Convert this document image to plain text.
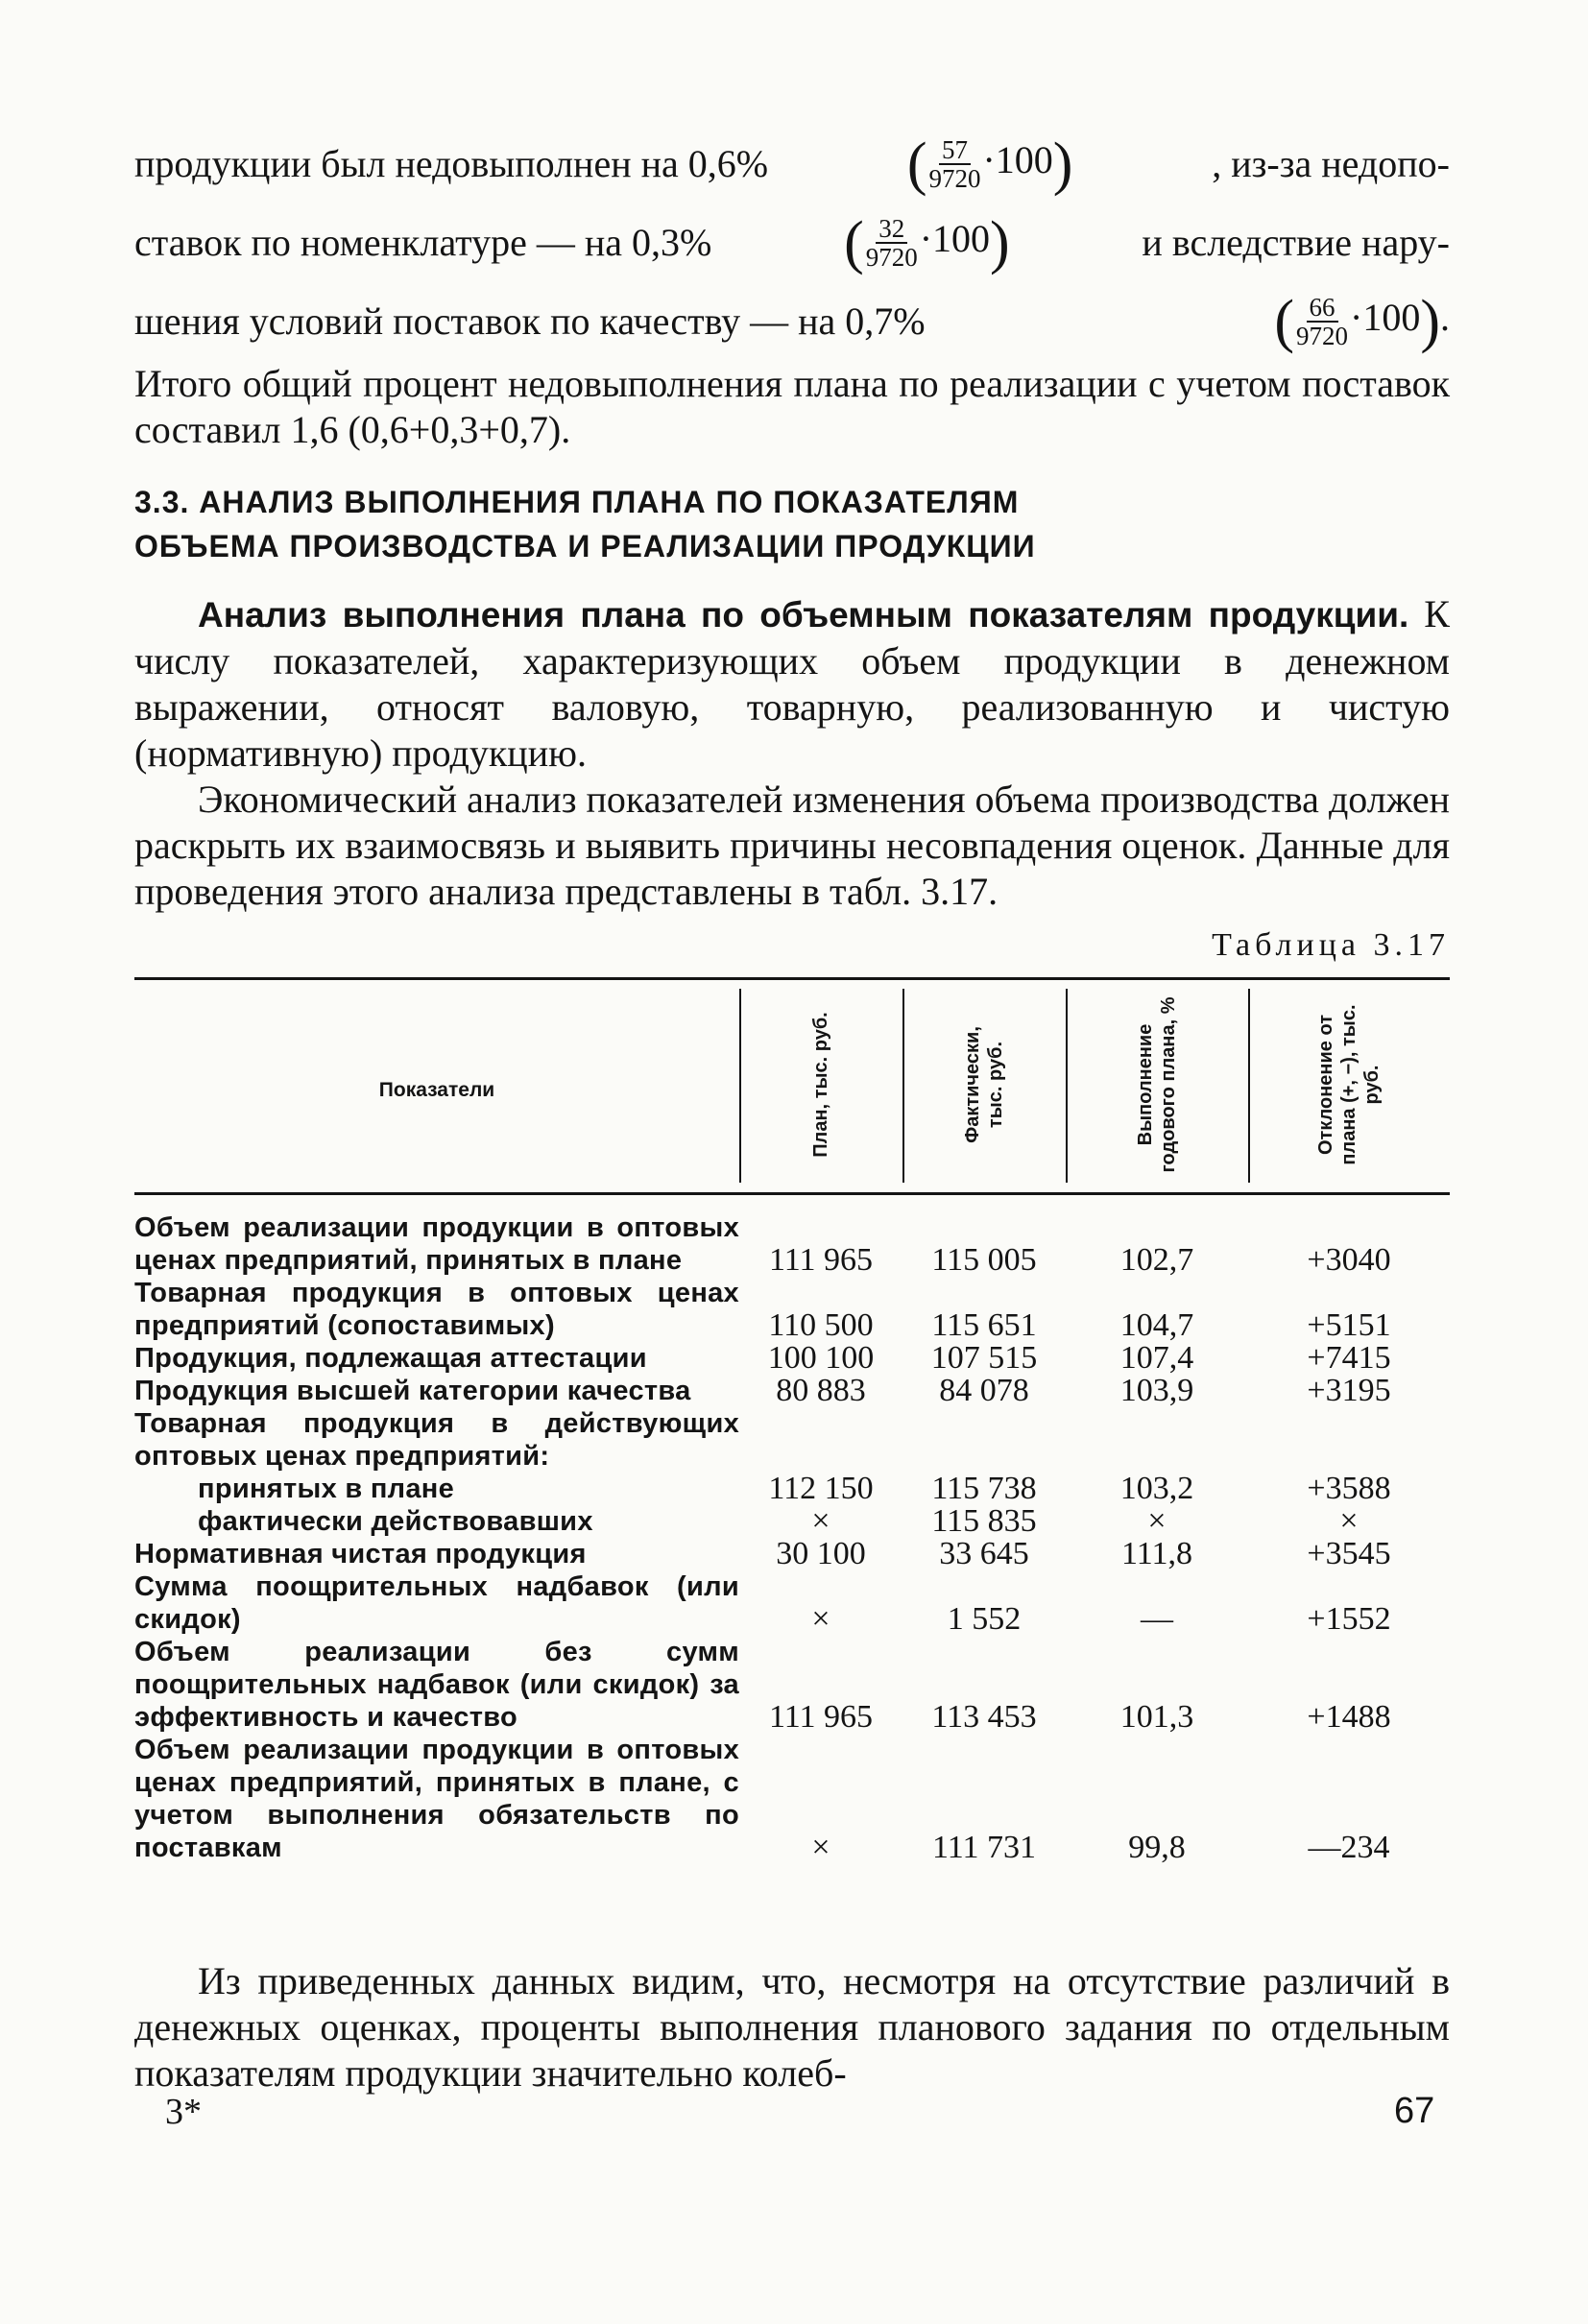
продукции был недовыполнен на 0,6% ( $\frac{57}{9720} \cdot 100$)	, из-за недопо-
ставок по номенклатуре — на 0,3% ( $\frac{32}{9720} \cdot 100$)	и вследствие нару-
шения условий поставок по качеству — на 0,7%	( $\frac{66}{9720} \cdot 100$).

Итого общий процент недовыполнения плана по реализации с учетом поставок составил 1,6 (0,6+0,3+0,7).

3.3. АНАЛИЗ ВЫПОЛНЕНИЯ ПЛАНА ПО ПОКАЗАТЕЛЯМ
ОБЪЕМА ПРОИЗВОДСТВА И РЕАЛИЗАЦИИ ПРОДУКЦИИ

Анализ выполнения плана по объемным показателям продукции. К числу показателей, характеризующих объем продукции в денежном выражении, относят валовую, товарную, реализованную и чистую (нормативную) продукцию.

Экономический анализ показателей изменения объема производства должен раскрыть их взаимосвязь и выявить причины несовпадения оценок. Данные для проведения этого анализа представлены в табл. 3.17.

Таблица 3.17
Показатели	План, тыс. руб.	Фактически, тыс. руб.	Выполнение годового плана, %	Отклонение от плана (+, −), тыс. руб.
Объем реализации продукции в оптовых ценах предприятий, принятых в плане	111 965	115 005	102,7	+3040
Товарная продукция в оптовых ценах предприятий (сопоставимых)	110 500	115 651	104,7	+5151
Продукция, подлежащая аттестации	100 100	107 515	107,4	+7415
Продукция высшей категории качества	80 883	84 078	103,9	+3195
Товарная продукция в действующих оптовых ценах предприятий:
принятых в плане	112 150	115 738	103,2	+3588
фактически действовавших	×	115 835	×	×
Нормативная чистая продукция	30 100	33 645	111,8	+3545
Сумма поощрительных надбавок (или скидок)	×	1 552	—	+1552
Объем реализации без сумм поощрительных надбавок (или скидок) за эффективность и качество	111 965	113 453	101,3	+1488
Объем реализации продукции в оптовых ценах предприятий, принятых в плане, с учетом выполнения обязательств по поставкам	×	111 731	99,8	—234

Из приведенных данных видим, что, несмотря на отсутствие различий в денежных оценках, проценты выполнения планового задания по отдельным показателям продукции значительно колеб-

3*	67
